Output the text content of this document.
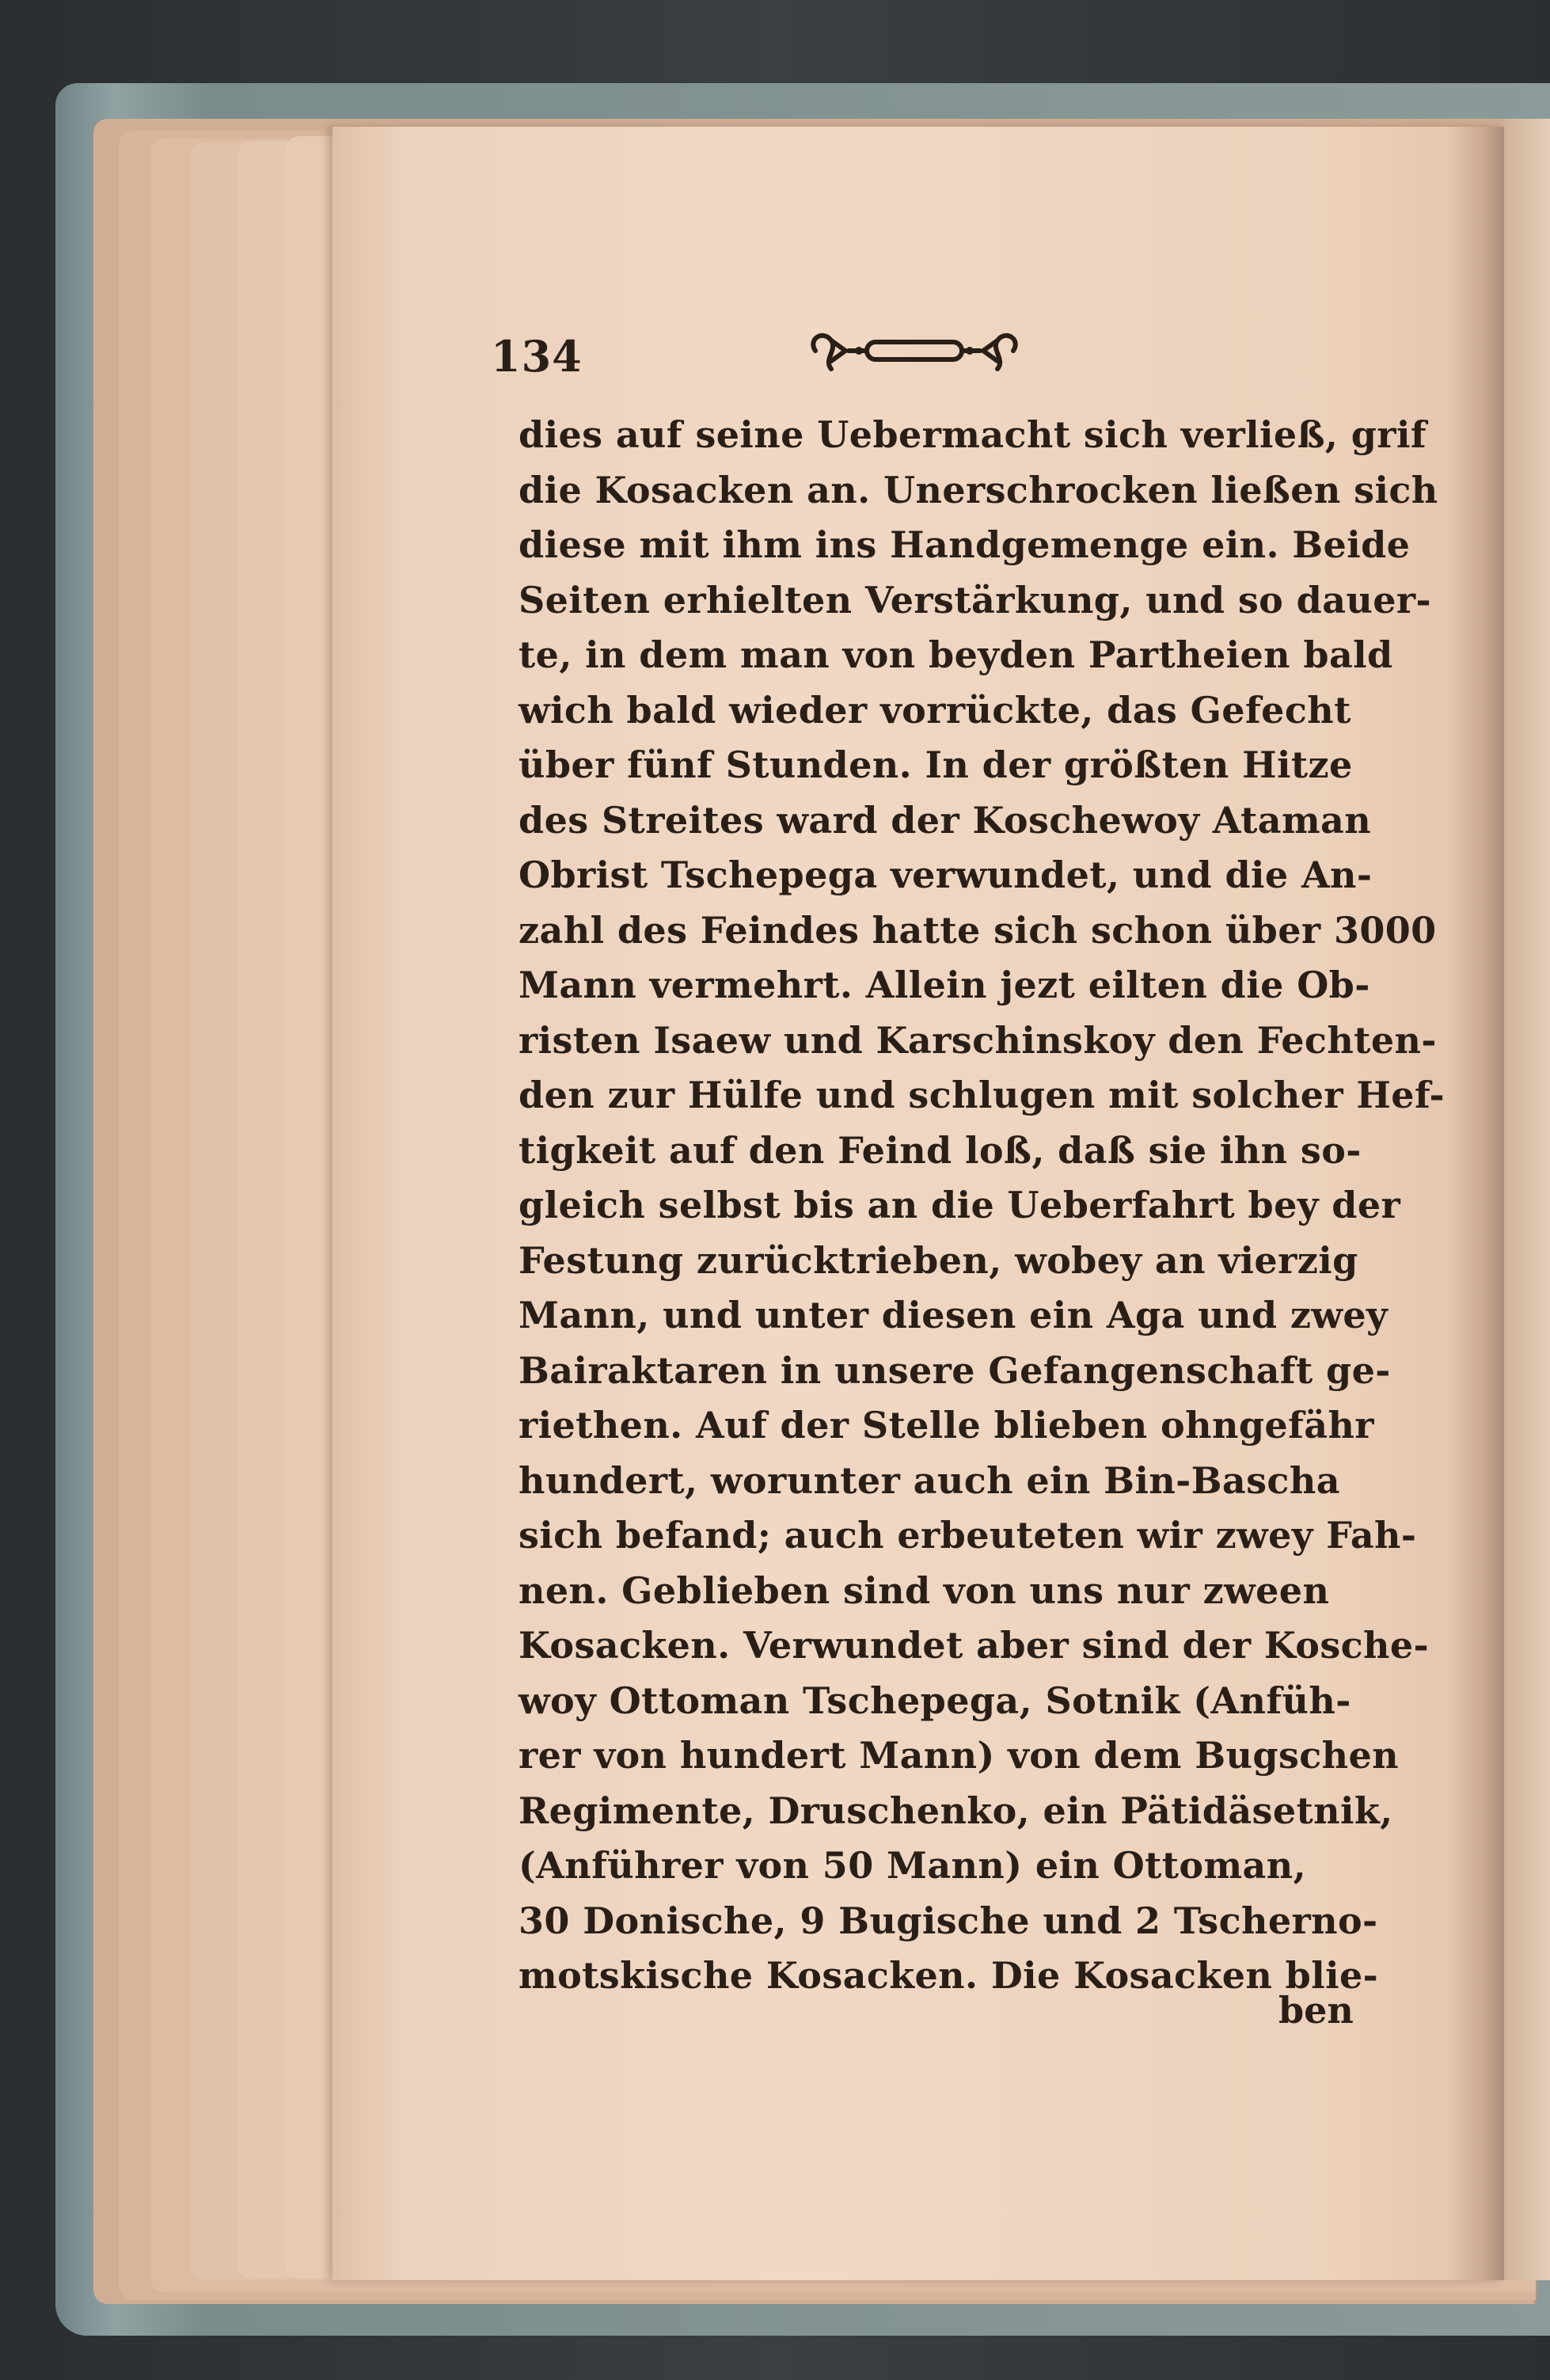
134
dies auf seine Uebermacht sich verließ, grif
die Kosacken an. Unerschrocken ließen sich
diese mit ihm ins Handgemenge ein. Beide
Seiten erhielten Verstärkung, und so dauer-
te, in dem man von beyden Partheien bald
wich bald wieder vorrückte, das Gefecht
über fünf Stunden. In der größten Hitze
des Streites ward der Koschewoy Ataman
Obrist Tschepega verwundet, und die An-
zahl des Feindes hatte sich schon über 3000
Mann vermehrt. Allein jezt eilten die Ob-
risten Isaew und Karschinskoy den Fechten-
den zur Hülfe und schlugen mit solcher Hef-
tigkeit auf den Feind loß, daß sie ihn so-
gleich selbst bis an die Ueberfahrt bey der
Festung zurücktrieben, wobey an vierzig
Mann, und unter diesen ein Aga und zwey
Bairaktaren in unsere Gefangenschaft ge-
riethen. Auf der Stelle blieben ohngefähr
hundert, worunter auch ein Bin-Bascha
sich befand; auch erbeuteten wir zwey Fah-
nen. Geblieben sind von uns nur zween
Kosacken. Verwundet aber sind der Kosche-
woy Ottoman Tschepega, Sotnik (Anfüh-
rer von hundert Mann) von dem Bugschen
Regimente, Druschenko, ein Pätidäsetnik,
(Anführer von 50 Mann) ein Ottoman,
30 Donische, 9 Bugische und 2 Tscherno-
motskische Kosacken. Die Kosacken blie-
ben
